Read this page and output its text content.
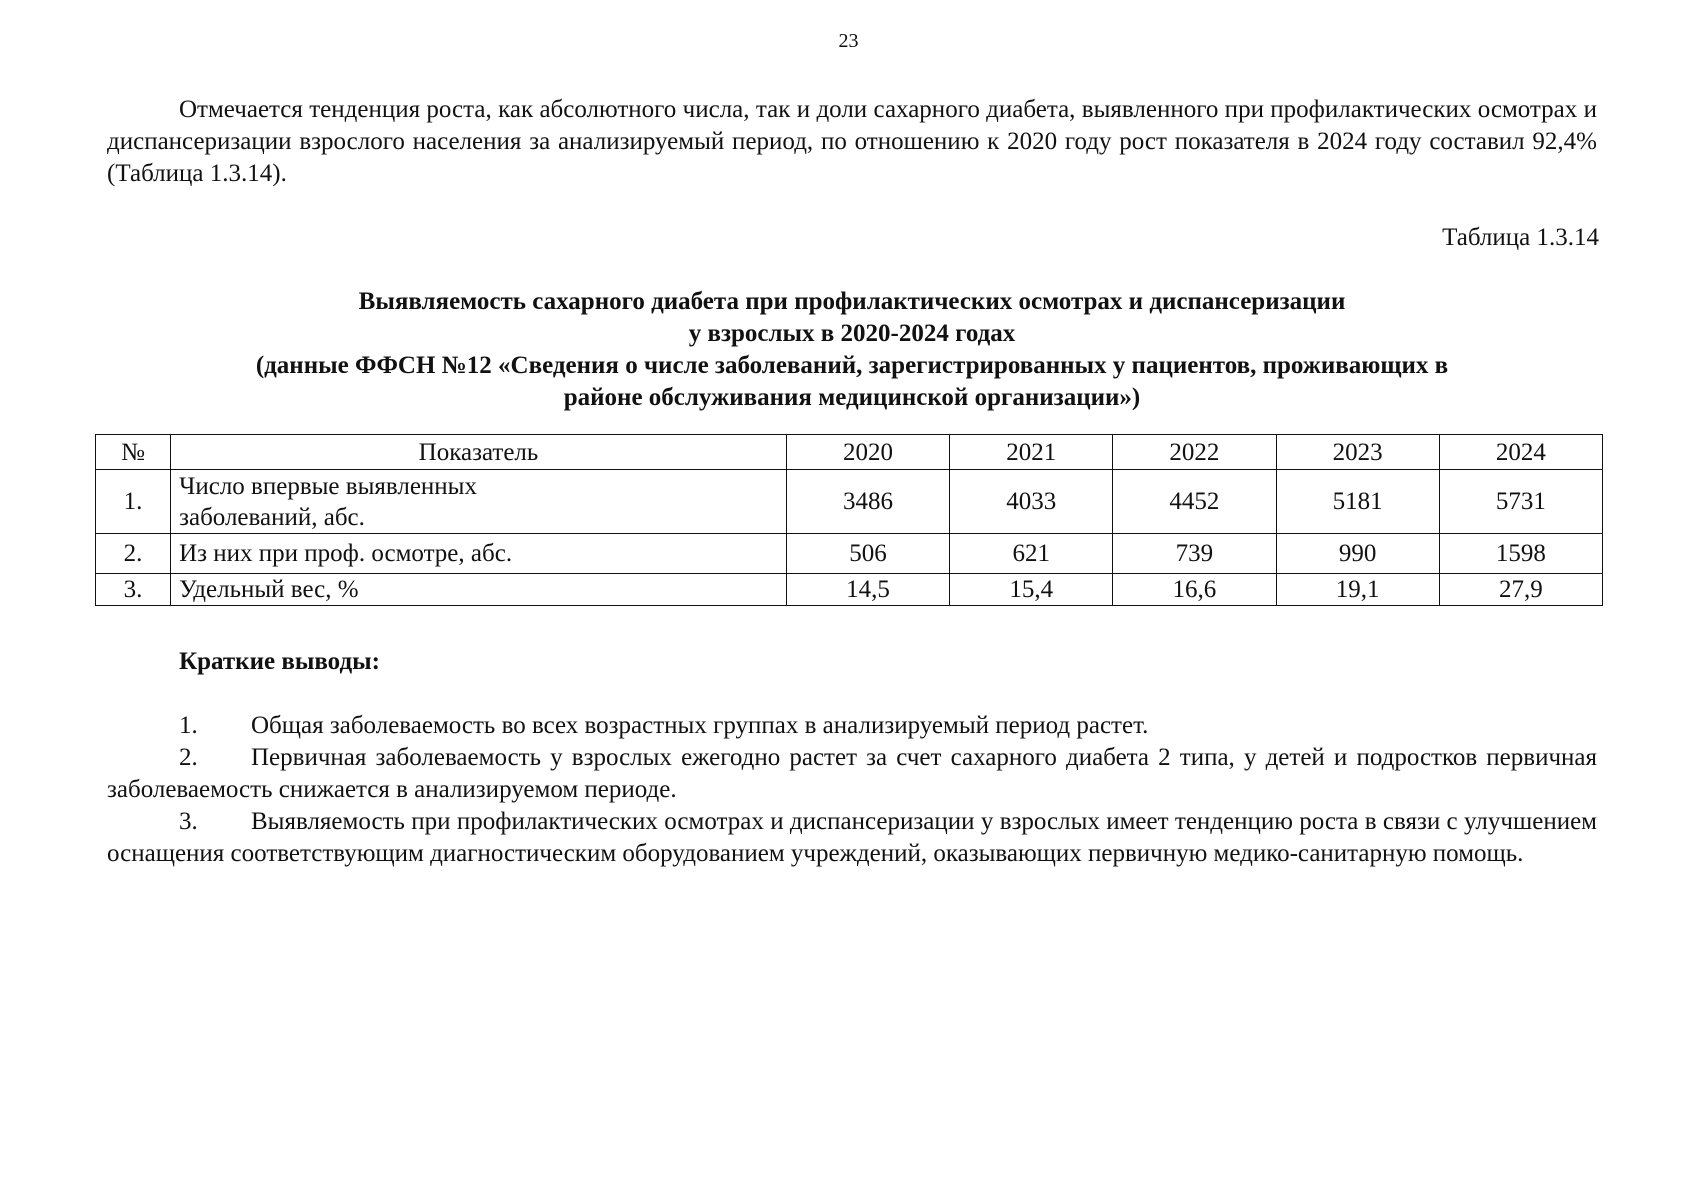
23
Отмечается тенденция роста, как абсолютного числа, так и доли сахарного диабета, выявленного при профилактических осмотрах и диспансеризации взрослого населения за анализируемый период, по отношению к 2020 году рост показателя в 2024 году составил 92,4% (Таблица 1.3.14).
Таблица 1.3.14
Выявляемость сахарного диабета при профилактических осмотрах и диспансеризации
у взрослых в 2020-2024 годах
(данные ФФСН №12 «Сведения о числе заболеваний, зарегистрированных у пациентов, проживающих в
районе обслуживания медицинской организации»)
№	Показатель	2020	2021	2022	2023	2024
1.	Число впервые выявленных заболеваний, абс.	3486	4033	4452	5181	5731
2.	Из них при проф. осмотре, абс.	506	621	739	990	1598
3.	Удельный вес, %	14,5	15,4	16,6	19,1	27,9
Краткие выводы:
1. Общая заболеваемость во всех возрастных группах в анализируемый период растет.
2. Первичная заболеваемость у взрослых ежегодно растет за счет сахарного диабета 2 типа, у детей и подростков первичная заболеваемость снижается в анализируемом периоде.
3. Выявляемость при профилактических осмотрах и диспансеризации у взрослых имеет тенденцию роста в связи с улучшением оснащения соответствующим диагностическим оборудованием учреждений, оказывающих первичную медико-санитарную помощь.
